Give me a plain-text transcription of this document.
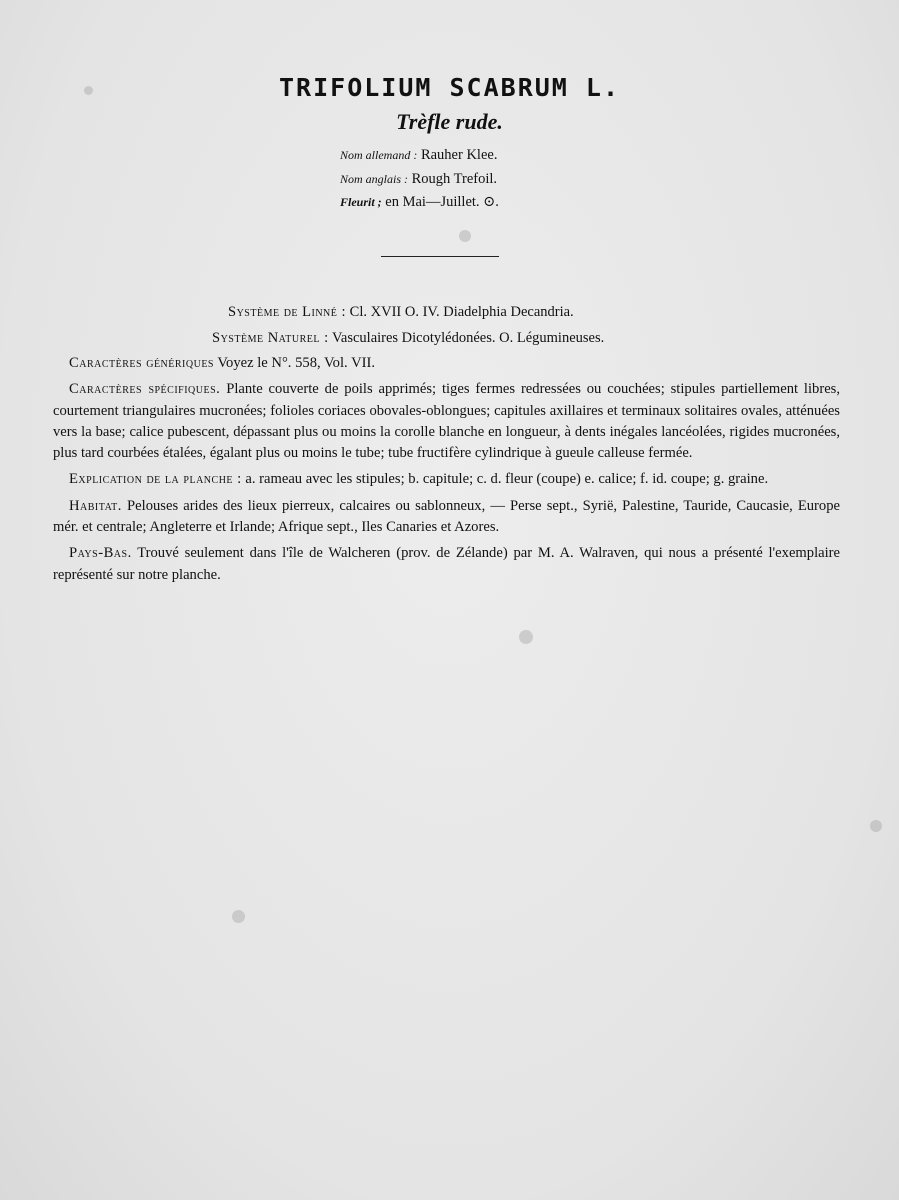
TRIFOLIUM SCABRUM L.
Trèfle rude.
Nom allemand : Rauher Klee.
Nom anglais : Rough Trefoil.
Fleurit ; en Mai—Juillet. ⊙.
Système de Linné : Cl. XVII O. IV. Diadelphia Decandria.
Système Naturel : Vasculaires Dicotylédonées. O. Légumineuses.

Caractères génériques Voyez le N°. 558, Vol. VII.

Caractères spécifiques. Plante couverte de poils apprimés; tiges fermes redressées ou couchées; stipules partiellement libres, courtement triangulaires mucronées; folioles coriaces obovales-oblongues; capitules axillaires et terminaux solitaires ovales, atténuées vers la base; calice pubescent, dépassant plus ou moins la corolle blanche en longueur, à dents inégales lancéolées, rigides mucronées, plus tard courbées étalées, égalant plus ou moins le tube; tube fructifère cylindrique à gueule calleuse fermée.

Explication de la planche : a. rameau avec les stipules; b. capitule; c. d. fleur (coupe) e. calice; f. id. coupe; g. graine.

Habitat. Pelouses arides des lieux pierreux, calcaires ou sablonneux, — Perse sept., Syrië, Palestine, Tauride, Caucasie, Europe mér. et centrale; Angleterre et Irlande; Afrique sept., Iles Canaries et Azores.

Pays-Bas. Trouvé seulement dans l'île de Walcheren (prov. de Zélande) par M. A. Walraven, qui nous a présenté l'exemplaire représenté sur notre planche.
